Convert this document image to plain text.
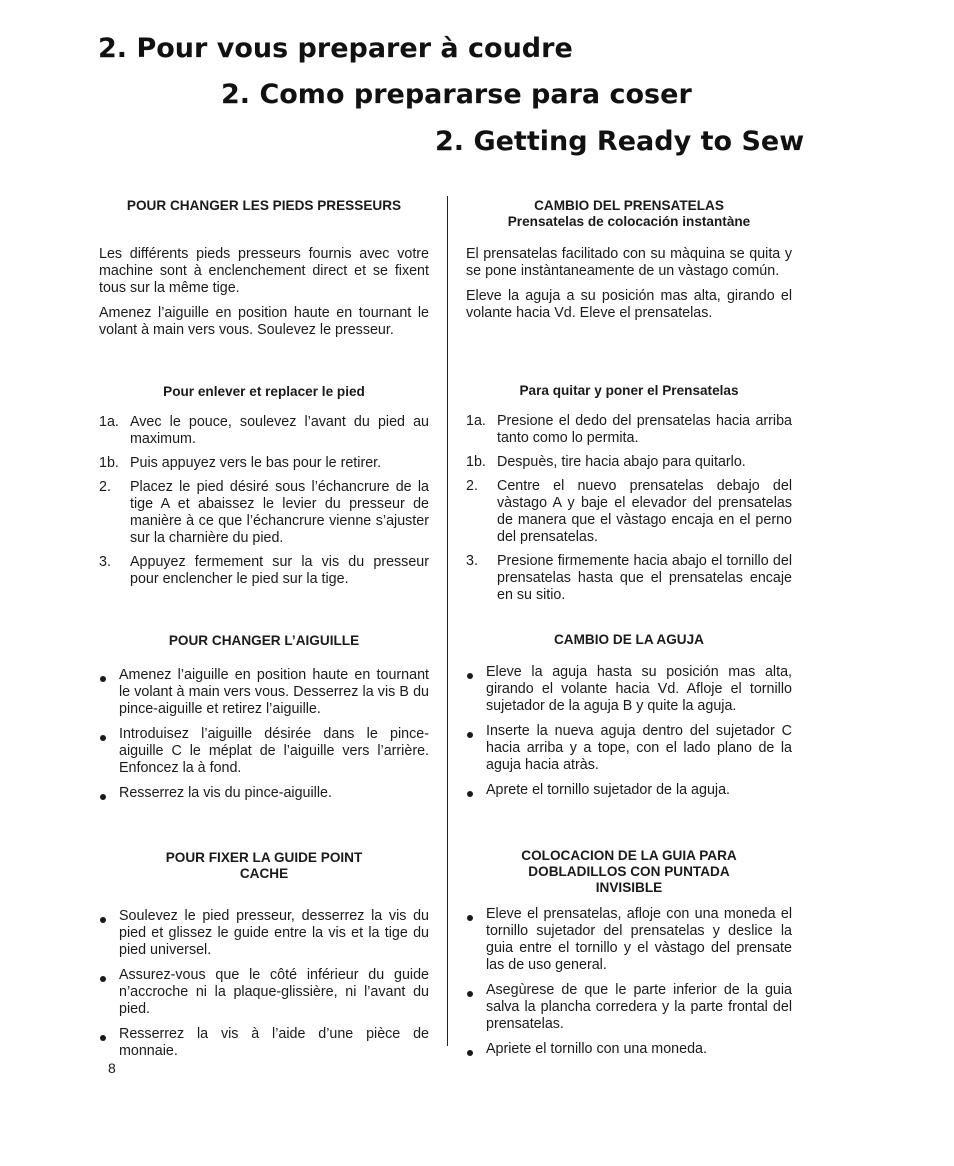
2. Pour vous preparer à coudre
2. Como prepararse para coser
2. Getting Ready to Sew
POUR CHANGER LES PIEDS PRESSEURS

Les différents pieds presseurs fournis avec votre machine sont à enclenchement direct et se fixent tous sur la même tige.

Amenez l’aiguille en position haute en tournant le volant à main vers vous. Soulevez le presseur.

Pour enlever et replacer le pied
1a. Avec le pouce, soulevez l’avant du pied au maximum.
1b. Puis appuyez vers le bas pour le retirer.
2. Placez le pied désiré sous l’échancrure de la tige A et abaissez le levier du presseur de manière à ce que l’échancrure vienne s’ajuster sur la charnière du pied.
3. Appuyez fermement sur la vis du presseur pour enclencher le pied sur la tige.
POUR CHANGER L’AIGUILLE
Amenez l’aiguille en position haute en tournant le volant à main vers vous. Desserrez la vis B du pince-aiguille et retirez l’aiguille.
Introduisez l’aiguille désirée dans le pince-aiguille C le méplat de l’aiguille vers l’arrière. Enfoncez la à fond.
Resserrez la vis du pince-aiguille.
POUR FIXER LA GUIDE POINT CACHE
Soulevez le pied presseur, desserrez la vis du pied et glissez le guide entre la vis et la tige du pied universel.
Assurez-vous que le côté inférieur du guide n’accroche ni la plaque-glissière, ni l’avant du pied.
Resserrez la vis à l’aide d’une pièce de monnaie.
CAMBIO DEL PRENSATELAS
Prensatelas de colocación instantàne

El prensatelas facilitado con su màquina se quita y se pone instàntaneamente de un vàstago común.

Eleve la aguja a su posición mas alta, girando el volante hacia Vd. Eleve el prensatelas.

Para quitar y poner el Prensatelas
1a. Presione el dedo del prensatelas hacia arriba tanto como lo permita.
1b. Despuès, tire hacia abajo para quitarlo.
2. Centre el nuevo prensatelas debajo del vàstago A y baje el elevador del prensatelas de manera que el vàstago encaja en el perno del prensatelas.
3. Presione firmemente hacia abajo el tornillo del prensatelas hasta que el prensatelas encaje en su sitio.
CAMBIO DE LA AGUJA
Eleve la aguja hasta su posición mas alta, girando el volante hacia Vd. Afloje el tornillo sujetador de la aguja B y quite la aguja.
Inserte la nueva aguja dentro del sujetador C hacia arriba y a tope, con el lado plano de la aguja hacia atràs.
Aprete el tornillo sujetador de la aguja.
COLOCACION DE LA GUIA PARA DOBLADILLOS CON PUNTADA INVISIBLE
Eleve el prensatelas, afloje con una moneda el tornillo sujetador del prensatelas y deslice la guia entre el tornillo y el vàstago del prensate las de uso general.
Asegùrese de que le parte inferior de la guia salva la plancha corredera y la parte frontal del prensatelas.
Apriete el tornillo con una moneda.
8
